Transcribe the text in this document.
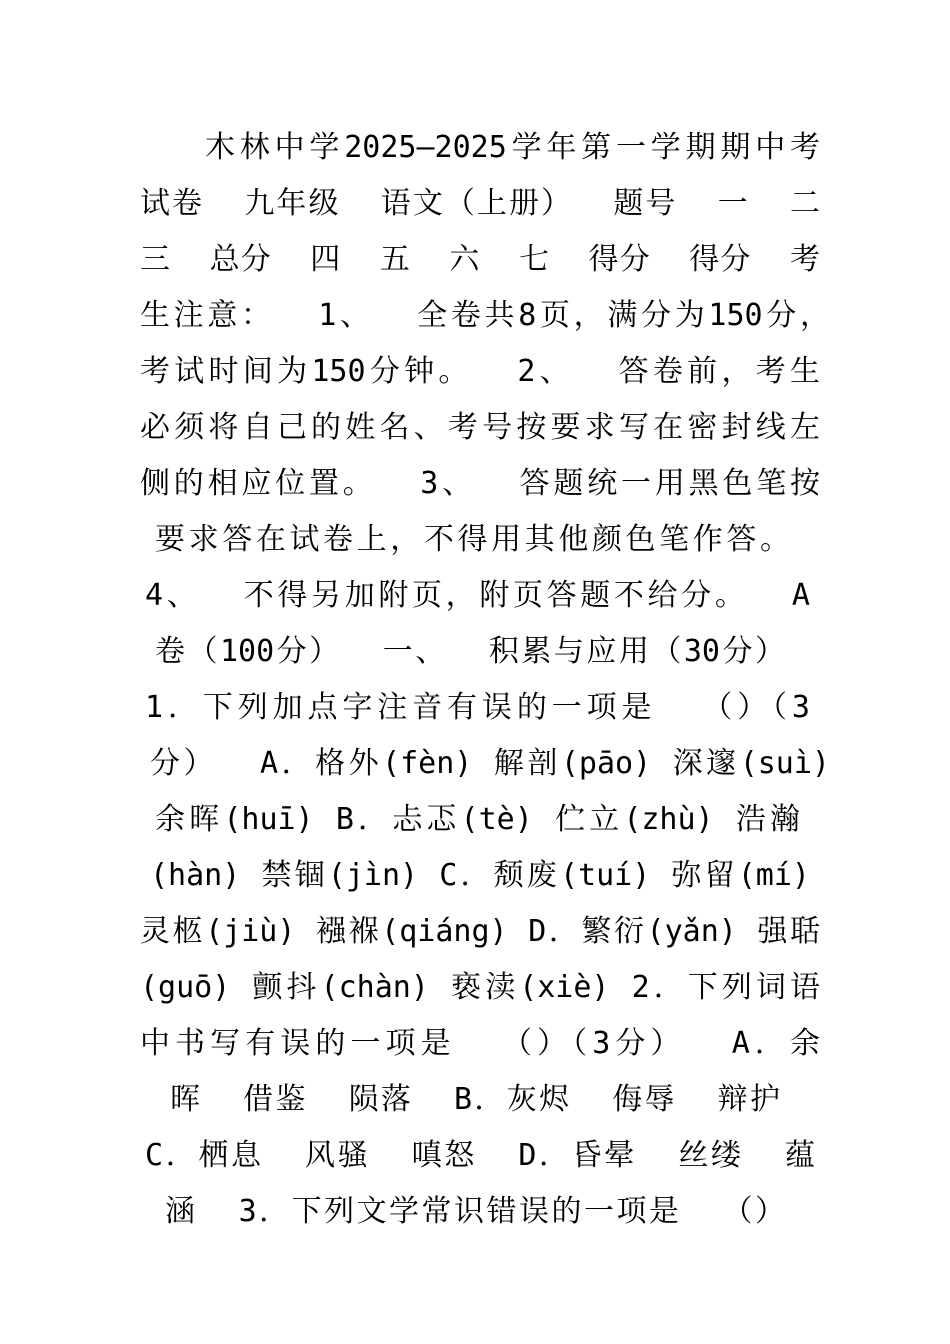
木林中学2025—2025学年第一学期期中考
试卷  九年级  语文（上册）  题号  一  二
三  总分  四  五  六  七  得分  得分  考
生注意：  1、  全卷共8页，满分为150分，
考试时间为150分钟。  2、  答卷前，考生
必须将自己的姓名、考号按要求写在密封线左
侧的相应位置。  3、  答题统一用黑色笔按
要求答在试卷上，不得用其他颜色笔作答。
4、  不得另加附页，附页答题不给分。  A
卷（100分）  一、  积累与应用（30分）
1．下列加点字注音有误的一项是  （）（3
分）  A．格外(fèn) 解剖(pāo) 深邃(suì)
余晖(huī) B．忐忑(tè) 伫立(zhù) 浩瀚
(hàn) 禁锢(jìn) C．颓废(tuí) 弥留(mí)
灵柩(jiù) 襁褓(qiáng) D．繁衍(yǎn) 强聒
(guō) 颤抖(chàn) 亵渎(xiè) 2．下列词语
中书写有误的一项是  （）（3分）  A．余
晖  借鉴  陨落  B．灰烬  侮辱  辩护
C．栖息  风骚  嗔怒  D．昏晕  丝缕  蕴
涵  3．下列文学常识错误的一项是  （）
